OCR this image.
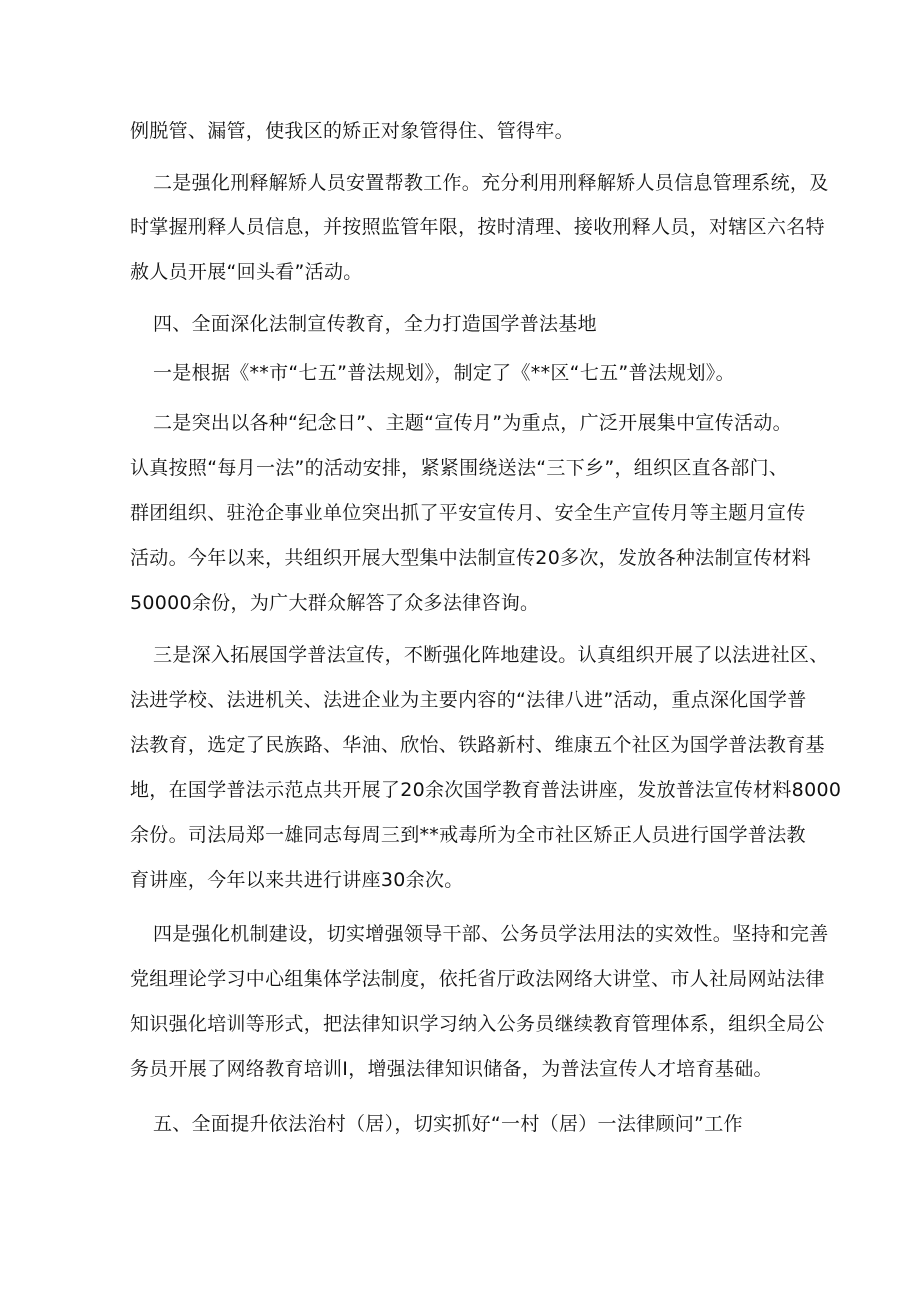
例脱管、漏管，使我区的矫正对象管得住、管得牢。
二是强化刑释解矫人员安置帮教工作。充分利用刑释解矫人员信息管理系统，及
时掌握刑释人员信息，并按照监管年限，按时清理、接收刑释人员，对辖区六名特
赦人员开展“回头看”活动。
四、全面深化法制宣传教育，全力打造国学普法基地
一是根据《**市“七五”普法规划》，制定了《**区“七五”普法规划》。
二是突出以各种“纪念日”、主题“宣传月”为重点，广泛开展集中宣传活动。
认真按照“每月一法”的活动安排，紧紧围绕送法“三下乡”，组织区直各部门、
群团组织、驻沧企事业单位突出抓了平安宣传月、安全生产宣传月等主题月宣传
活动。今年以来，共组织开展大型集中法制宣传20多次，发放各种法制宣传材料
50000余份，为广大群众解答了众多法律咨询。
三是深入拓展国学普法宣传，不断强化阵地建设。认真组织开展了以法进社区、
法进学校、法进机关、法进企业为主要内容的“法律八进”活动，重点深化国学普
法教育，选定了民族路、华油、欣怡、铁路新村、维康五个社区为国学普法教育基
地，在国学普法示范点共开展了20余次国学教育普法讲座，发放普法宣传材料8000
余份。司法局郑一雄同志每周三到**戒毒所为全市社区矫正人员进行国学普法教
育讲座，今年以来共进行讲座30余次。
四是强化机制建设，切实增强领导干部、公务员学法用法的实效性。坚持和完善
党组理论学习中心组集体学法制度，依托省厅政法网络大讲堂、市人社局网站法律
知识强化培训等形式，把法律知识学习纳入公务员继续教育管理体系，组织全局公
务员开展了网络教育培训I，增强法律知识储备，为普法宣传人才培育基础。
五、全面提升依法治村（居），切实抓好“一村（居）一法律顾问”工作
